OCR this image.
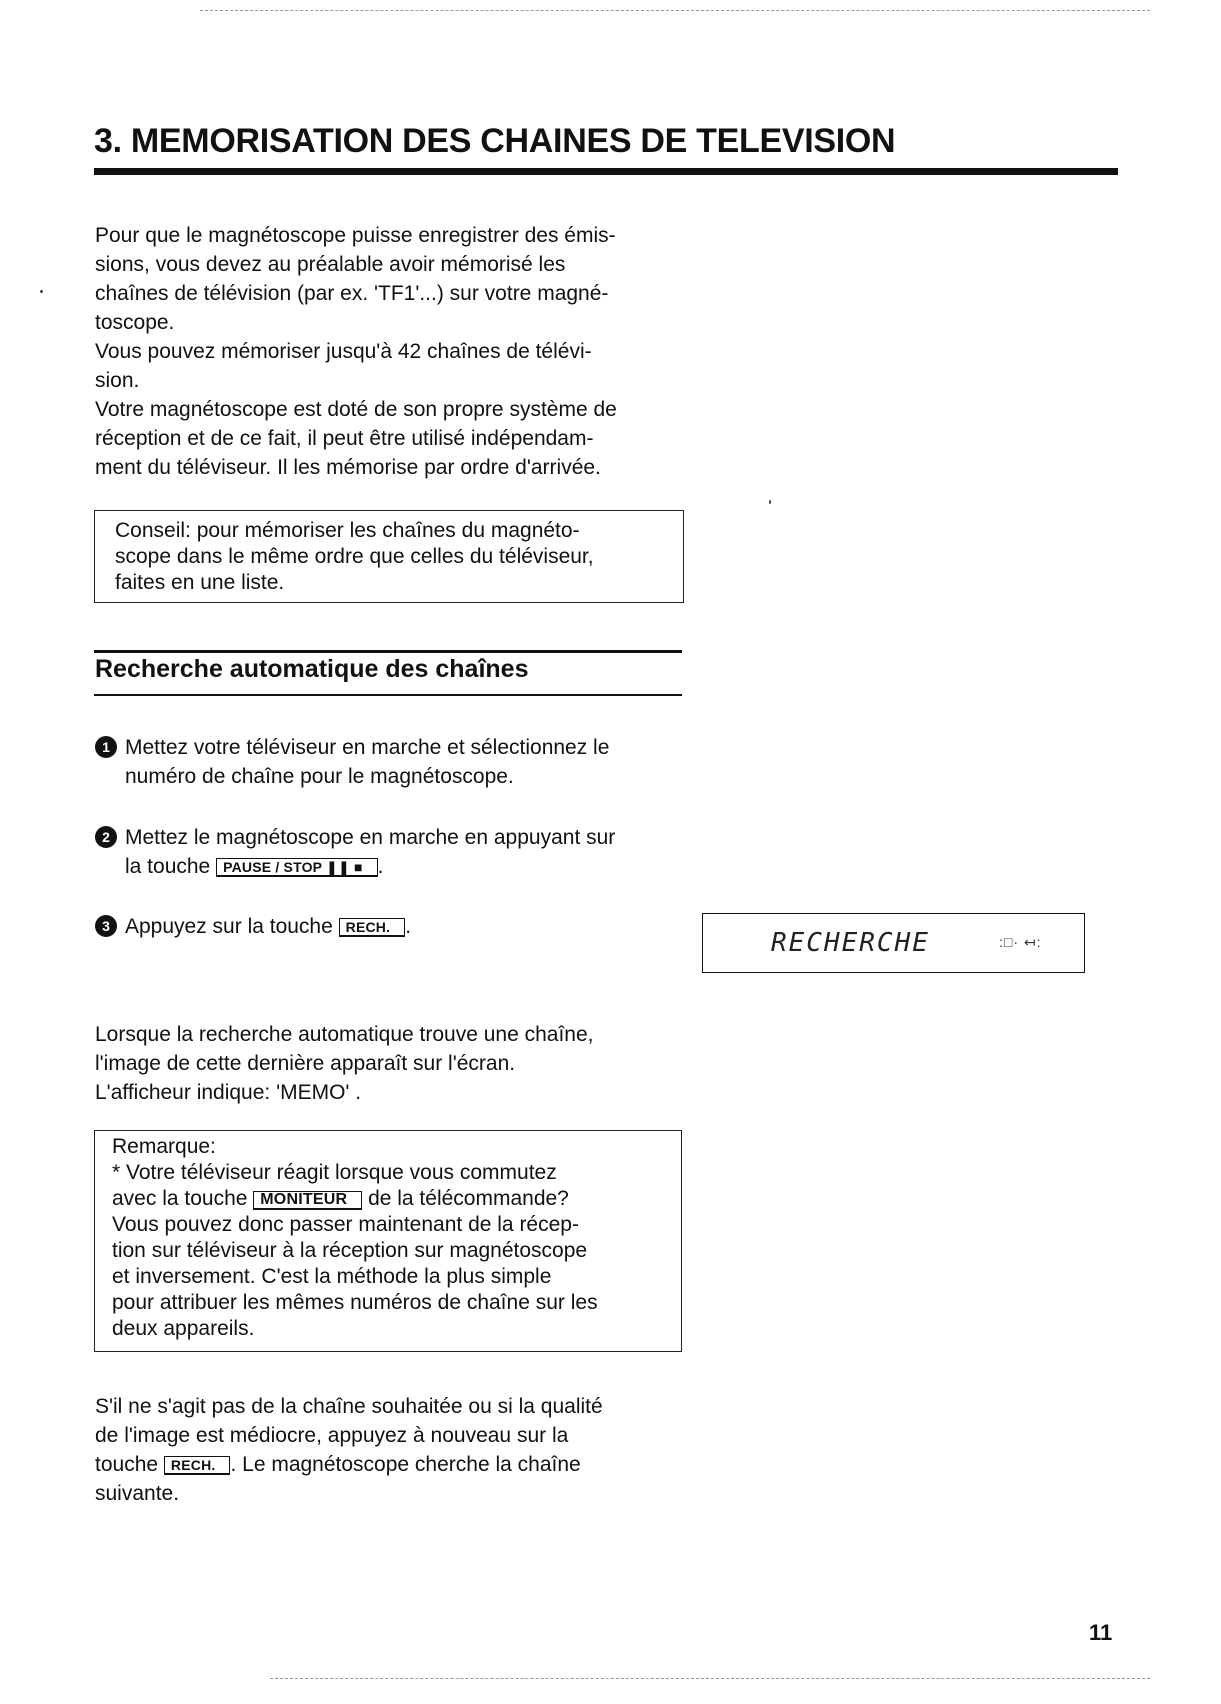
3. MEMORISATION DES CHAINES DE TELEVISION
Pour que le magnétoscope puisse enregistrer des émis-
sions, vous devez au préalable avoir mémorisé les
chaînes de télévision (par ex. 'TF1'...) sur votre magné-
toscope.
Vous pouvez mémoriser jusqu'à 42 chaînes de télévi-
sion.
Votre magnétoscope est doté de son propre système de
réception et de ce fait, il peut être utilisé indépendam-
ment du téléviseur. Il les mémorise par ordre d'arrivée.

Conseil: pour mémoriser les chaînes du magnéto-

scope dans le même ordre que celles du téléviseur,

faites en une liste.

Recherche automatique des chaînes
1 Mettez votre téléviseur en marche et sélectionnez le
numéro de chaîne pour le magnétoscope.

2 Mettez le magnétoscope en marche en appuyant sur
la touche PAUSE / STOP ❚❚ ■ .

3 Appuyez sur la touche RECH. .

RECHERCHE	:□· ↤:
Lorsque la recherche automatique trouve une chaîne,
l'image de cette dernière apparaît sur l'écran.
L'afficheur indique: 'MEMO' .

Remarque:

* Votre téléviseur réagit lorsque vous commutez

avec la touche MONITEUR de la télécommande?

Vous pouvez donc passer maintenant de la récep-

tion sur téléviseur à la réception sur magnétoscope

et inversement. C'est la méthode la plus simple

pour attribuer les mêmes numéros de chaîne sur les

deux appareils.

S'il ne s'agit pas de la chaîne souhaitée ou si la qualité
de l'image est médiocre, appuyez à nouveau sur la
touche RECH. . Le magnétoscope cherche la chaîne
suivante.

11
